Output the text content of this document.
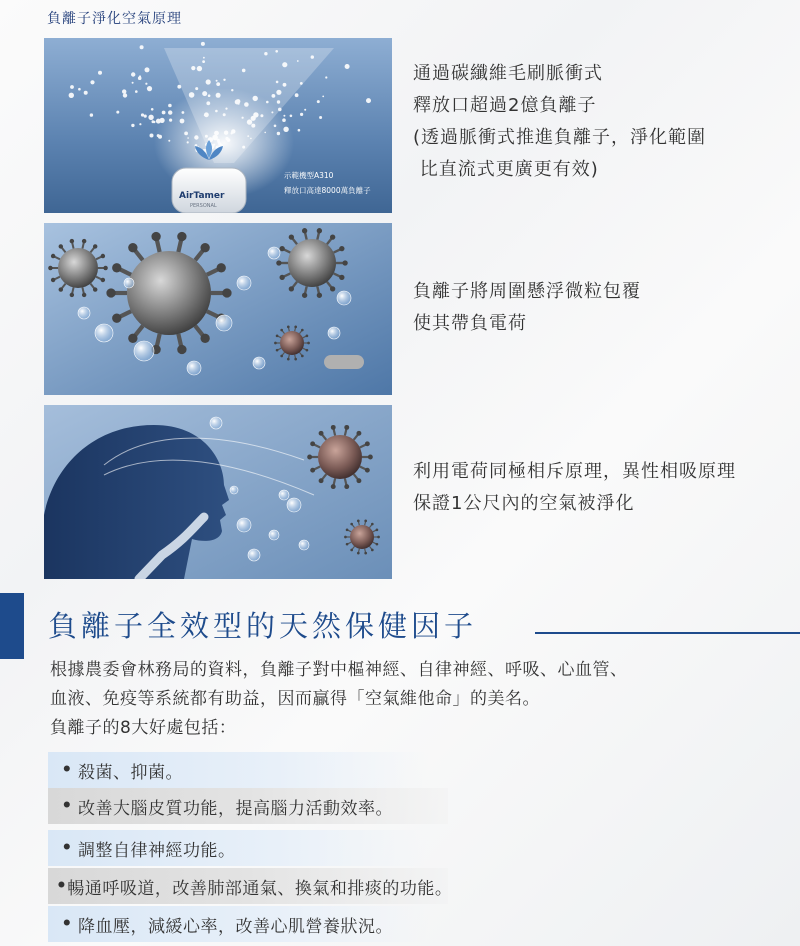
負離子淨化空氣原理
AirTamer
PERSONAL
示範機型A310
釋放口高達8000萬負離子
通過碳纖維毛刷脈衝式
釋放口超過2億負離子
(透過脈衝式推進負離子，淨化範圍
比直流式更廣更有效)
負離子將周圍懸浮微粒包覆
使其帶負電荷
利用電荷同極相斥原理，異性相吸原理
保證1公尺內的空氣被淨化
負離子全效型的天然保健因子
根據農委會林務局的資料，負離子對中樞神經、自律神經、呼吸、心血管、
血液、免疫等系統都有助益，因而贏得「空氣維他命」的美名。
負離子的8大好處包括：
• 殺菌、抑菌。
• 改善大腦皮質功能，提高腦力活動效率。
• 調整自律神經功能。
• 暢通呼吸道，改善肺部通氣、換氣和排痰的功能。
• 降血壓，減緩心率，改善心肌營養狀況。
